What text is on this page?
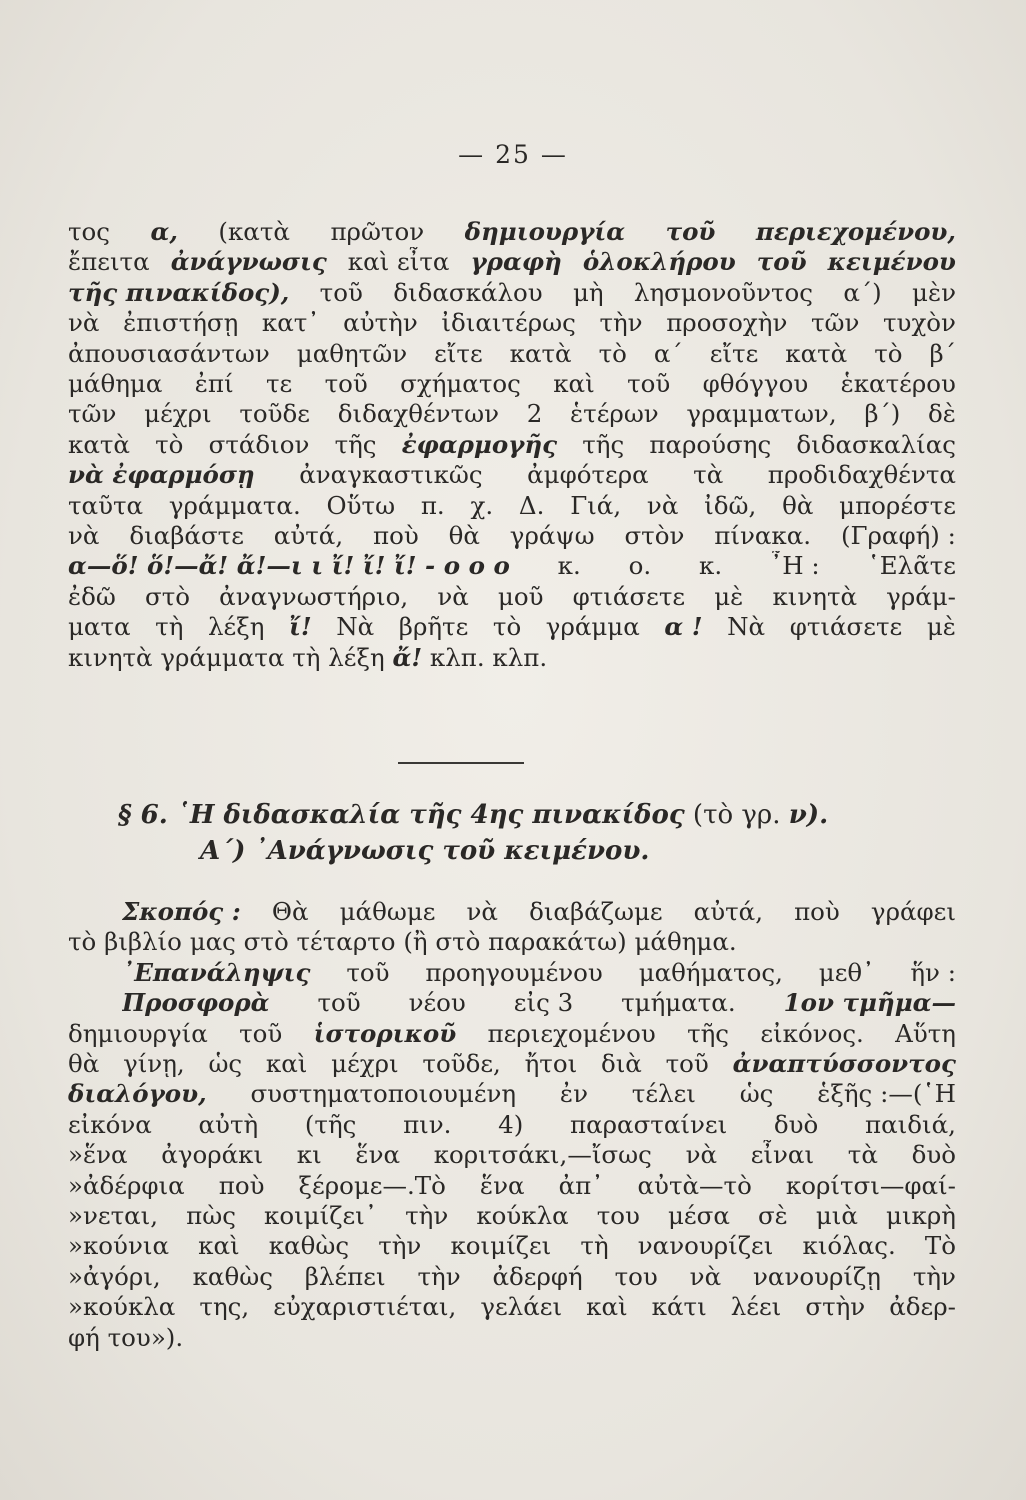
— 25 —
τος α, (κατὰ πρῶτον δημιουργία τοῦ περιεχομένου,
ἔπειτα ἀνάγνωσις καὶ εἶτα γραφὴ ὁλοκλήρου τοῦ κειμένου
τῆς πινακίδος), τοῦ διδασκάλου μὴ λησμονοῦντος α΄) μὲν
νὰ ἐπιστήσῃ κατ᾿ αὐτὴν ἰδιαιτέρως τὴν προσοχὴν τῶν τυχὸν
ἀπουσιασάντων μαθητῶν εἴτε κατὰ τὸ α΄ εἴτε κατὰ τὸ β΄
μάθημα ἐπί τε τοῦ σχήματος καὶ τοῦ φθόγγου ἑκατέρου
τῶν μέχρι τοῦδε διδαχθέντων 2 ἑτέρων γραμματων, β΄) δὲ
κατὰ τὸ στάδιον τῆς ἐφαρμογῆς τῆς παρούσης διδασκαλίας
νὰ ἐφαρμόσῃ ἀναγκαστικῶς ἀμφότερα τὰ προδιδαχθέντα
ταῦτα γράμματα. Οὕτω π. χ. Δ. Γιά, νὰ ἰδῶ, θὰ μπορέστε
νὰ διαβάστε αὐτά, ποὺ θὰ γράψω στὸν πίνακα. (Γραφή) :
α—ὅ! ὅ!—ἄ! ἄ!—ι ι ἴ! ἴ! ἴ! - ο ο ο κ. ο. κ. ῏Η : ῾Ελᾶτε
ἐδῶ στὸ ἀναγνωστήριο, νὰ μοῦ φτιάσετε μὲ κινητὰ γράμ-
ματα τὴ λέξη ἴ! Νὰ βρῆτε τὸ γράμμα α ! Νὰ φτιάσετε μὲ
κινητὰ γράμματα τὴ λέξη ἄ! κλπ. κλπ.
§ 6. ῾Η διδασκαλία τῆς 4ης πινακίδος (τὸ γρ. ν).
Α΄) ᾿Ανάγνωσις τοῦ κειμένου.
Σκοπός : Θὰ μάθωμε νὰ διαβάζωμε αὐτά, ποὺ γράφει
τὸ βιβλίο μας στὸ τέταρτο (ἢ στὸ παρακάτω) μάθημα.
᾿Επανάληψις τοῦ προηγουμένου μαθήματος, μεθ᾿ ἥν :
Προσφορὰ τοῦ νέου εἰς 3 τμήματα. 1ον τμῆμα—
δημιουργία τοῦ ἱστορικοῦ περιεχομένου τῆς εἰκόνος. Αὕτη
θὰ γίνῃ, ὡς καὶ μέχρι τοῦδε, ἤτοι διὰ τοῦ ἀναπτύσσοντος
διαλόγου, συστηματοποιουμένη ἐν τέλει ὡς ἑξῆς :—(῾Η
εἰκόνα αὐτὴ (τῆς πιν. 4) παρασταίνει δυὸ παιδιά,
»ἕνα ἀγοράκι κι ἕνα κοριτσάκι,—ἴσως νὰ εἶναι τὰ δυὸ
»ἀδέρφια ποὺ ξέρομε—.Τὸ ἕνα ἀπ᾿ αὐτὰ—τὸ κορίτσι—φαί-
»νεται, πὼς κοιμίζει᾿ τὴν κούκλα του μέσα σὲ μιὰ μικρὴ
»κούνια καὶ καθὼς τὴν κοιμίζει τὴ νανουρίζει κιόλας. Τὸ
»ἀγόρι, καθὼς βλέπει τὴν ἀδερφή του νὰ νανουρίζῃ τὴν
»κούκλα της, εὐχαριστιέται, γελάει καὶ κάτι λέει στὴν ἀδερ-
φή του»).
